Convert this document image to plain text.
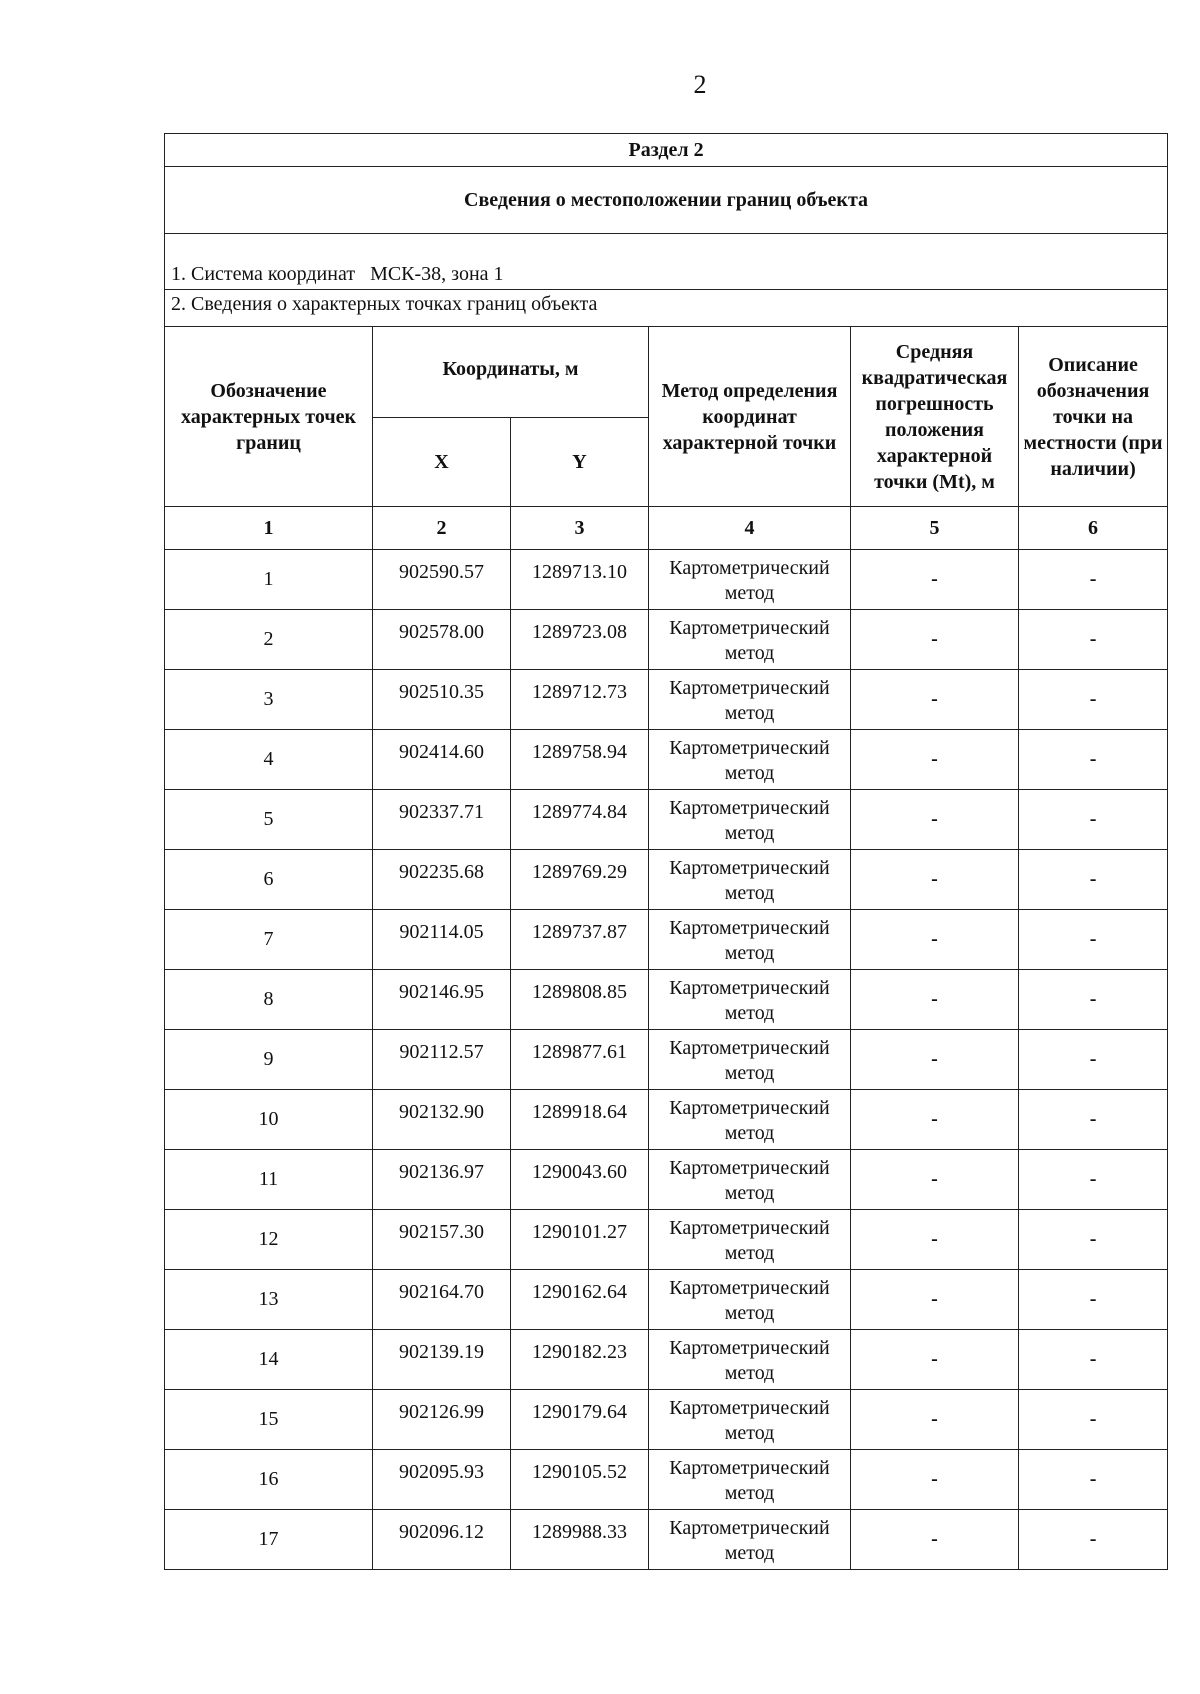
2
Раздел 2					
Сведения о местоположении границ объекта					
1. Система координат МСК-38, зона 1					
2. Сведения о характерных точках границ объекта					
Обозначение характерных точек границ	Координаты, м		Метод определения координат характерной точки	Средняя квадратическая погрешность положения характерной точки (Mt), м	Описание обозначения точки на местности (при наличии)
	X	Y			
1	2	3	4	5	6
1	902590.57	1289713.10	Картометрический метод	-	-
2	902578.00	1289723.08	Картометрический метод	-	-
3	902510.35	1289712.73	Картометрический метод	-	-
4	902414.60	1289758.94	Картометрический метод	-	-
5	902337.71	1289774.84	Картометрический метод	-	-
6	902235.68	1289769.29	Картометрический метод	-	-
7	902114.05	1289737.87	Картометрический метод	-	-
8	902146.95	1289808.85	Картометрический метод	-	-
9	902112.57	1289877.61	Картометрический метод	-	-
10	902132.90	1289918.64	Картометрический метод	-	-
11	902136.97	1290043.60	Картометрический метод	-	-
12	902157.30	1290101.27	Картометрический метод	-	-
13	902164.70	1290162.64	Картометрический метод	-	-
14	902139.19	1290182.23	Картометрический метод	-	-
15	902126.99	1290179.64	Картометрический метод	-	-
16	902095.93	1290105.52	Картометрический метод	-	-
17	902096.12	1289988.33	Картометрический метод	-	-
